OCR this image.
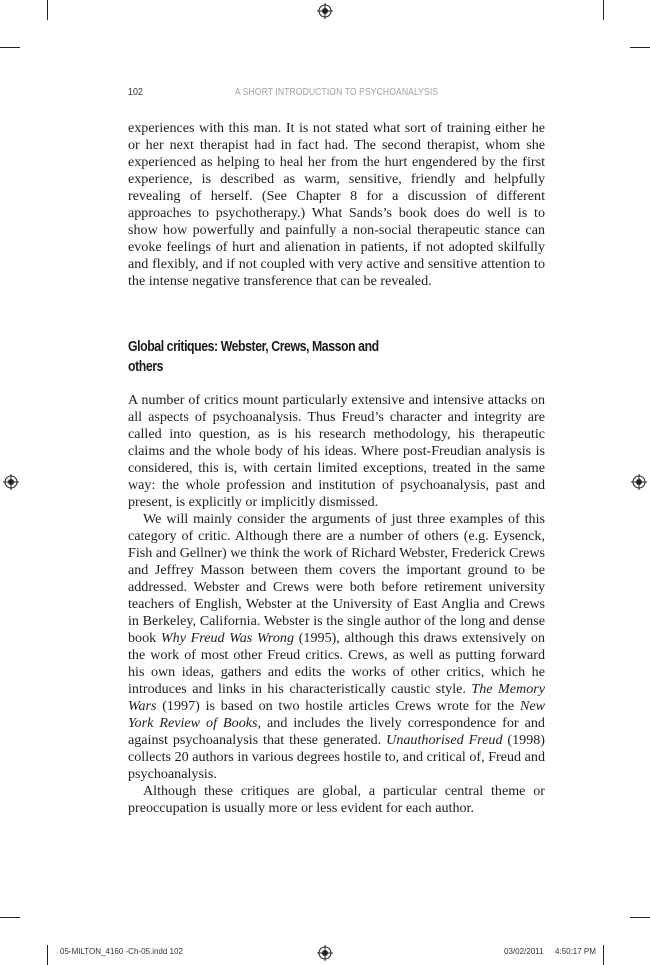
102	A SHORT INTRODUCTION TO PSYCHOANALYSIS

experiences with this man. It is not stated what sort of training either he or her next therapist had in fact had. The second therapist, whom she experienced as helping to heal her from the hurt engendered by the first experience, is described as warm, sensitive, friendly and helpfully revealing of herself. (See Chapter 8 for a discussion of different approaches to psychotherapy.) What Sands’s book does do well is to show how powerfully and painfully a non-social therapeutic stance can evoke feelings of hurt and alienation in patients, if not adopted skilfully and flexibly, and if not coupled with very active and sensitive attention to the intense negative transference that can be revealed.

Global critiques: Webster, Crews, Masson and
others

A number of critics mount particularly extensive and intensive attacks on all aspects of psychoanalysis. Thus Freud’s character and integrity are called into question, as is his research methodology, his therapeutic claims and the whole body of his ideas. Where post-Freudian analysis is considered, this is, with certain limited exceptions, treated in the same way: the whole profession and institution of psychoanalysis, past and present, is explicitly or implicitly dismissed.

We will mainly consider the arguments of just three examples of this category of critic. Although there are a number of others (e.g. Eysenck, Fish and Gellner) we think the work of Richard Webster, Frederick Crews and Jeffrey Masson between them covers the important ground to be addressed. Webster and Crews were both before retirement university teachers of English, Webster at the University of East Anglia and Crews in Berkeley, California. Webster is the single author of the long and dense book Why Freud Was Wrong (1995), although this draws extensively on the work of most other Freud critics. Crews, as well as putting forward his own ideas, gathers and edits the works of other critics, which he introduces and links in his characteristically caustic style. The Memory Wars (1997) is based on two hostile articles Crews wrote for the New York Review of Books, and includes the lively correspondence for and against psychoanalysis that these generated. Unauthorised Freud (1998) collects 20 authors in various degrees hostile to, and critical of, Freud and psychoanalysis.

Although these critiques are global, a particular central theme or preoccupation is usually more or less evident for each author.

05-MILTON_4160 -Ch-05.indd 102	03/02/2011 4:50:17 PM
